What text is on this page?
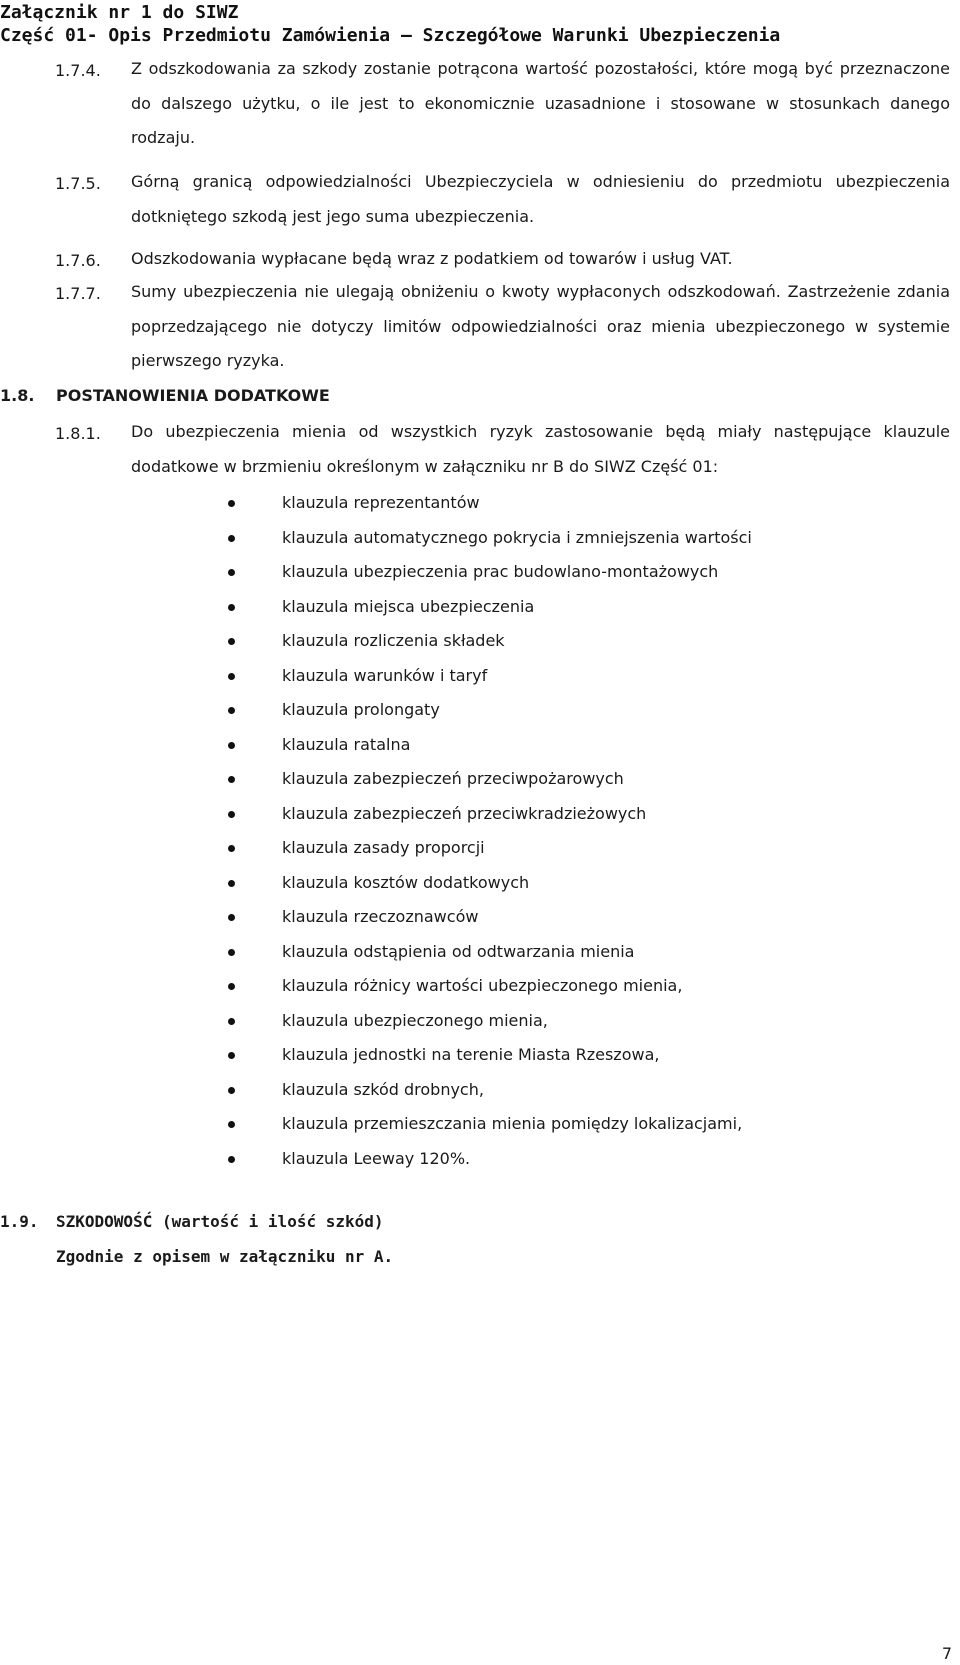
Załącznik nr 1 do SIWZ
Część 01- Opis Przedmiotu Zamówienia – Szczegółowe Warunki Ubezpieczenia
1.7.4. Z odszkodowania za szkody zostanie potrącona wartość pozostałości, które mogą być przeznaczone do dalszego użytku, o ile jest to ekonomicznie uzasadnione i stosowane w stosunkach danego rodzaju.
1.7.5. Górną granicą odpowiedzialności Ubezpieczyciela w odniesieniu do przedmiotu ubezpieczenia dotkniętego szkodą jest jego suma ubezpieczenia.
1.7.6. Odszkodowania wypłacane będą wraz z podatkiem od towarów i usług VAT.
1.7.7. Sumy ubezpieczenia nie ulegają obniżeniu o kwoty wypłaconych odszkodowań. Zastrzeżenie zdania poprzedzającego nie dotyczy limitów odpowiedzialności oraz mienia ubezpieczonego w systemie pierwszego ryzyka.
1.8. POSTANOWIENIA DODATKOWE
1.8.1. Do ubezpieczenia mienia od wszystkich ryzyk zastosowanie będą miały następujące klauzule dodatkowe w brzmieniu określonym w załączniku nr B do SIWZ Część 01:
klauzula reprezentantów
klauzula automatycznego pokrycia i zmniejszenia wartości
klauzula ubezpieczenia prac budowlano-montażowych
klauzula miejsca ubezpieczenia
klauzula rozliczenia składek
klauzula warunków i taryf
klauzula prolongaty
klauzula ratalna
klauzula zabezpieczeń przeciwpożarowych
klauzula zabezpieczeń przeciwkradzieżowych
klauzula zasady proporcji
klauzula kosztów dodatkowych
klauzula rzeczoznawców
klauzula odstąpienia od odtwarzania mienia
klauzula różnicy wartości ubezpieczonego mienia,
klauzula ubezpieczonego mienia,
klauzula jednostki na terenie Miasta Rzeszowa,
klauzula szkód drobnych,
klauzula przemieszczania mienia pomiędzy lokalizacjami,
klauzula Leeway 120%.
1.9. SZKODOWOŚĆ (wartość i ilość szkód)
Zgodnie z opisem w załączniku nr A.
7
